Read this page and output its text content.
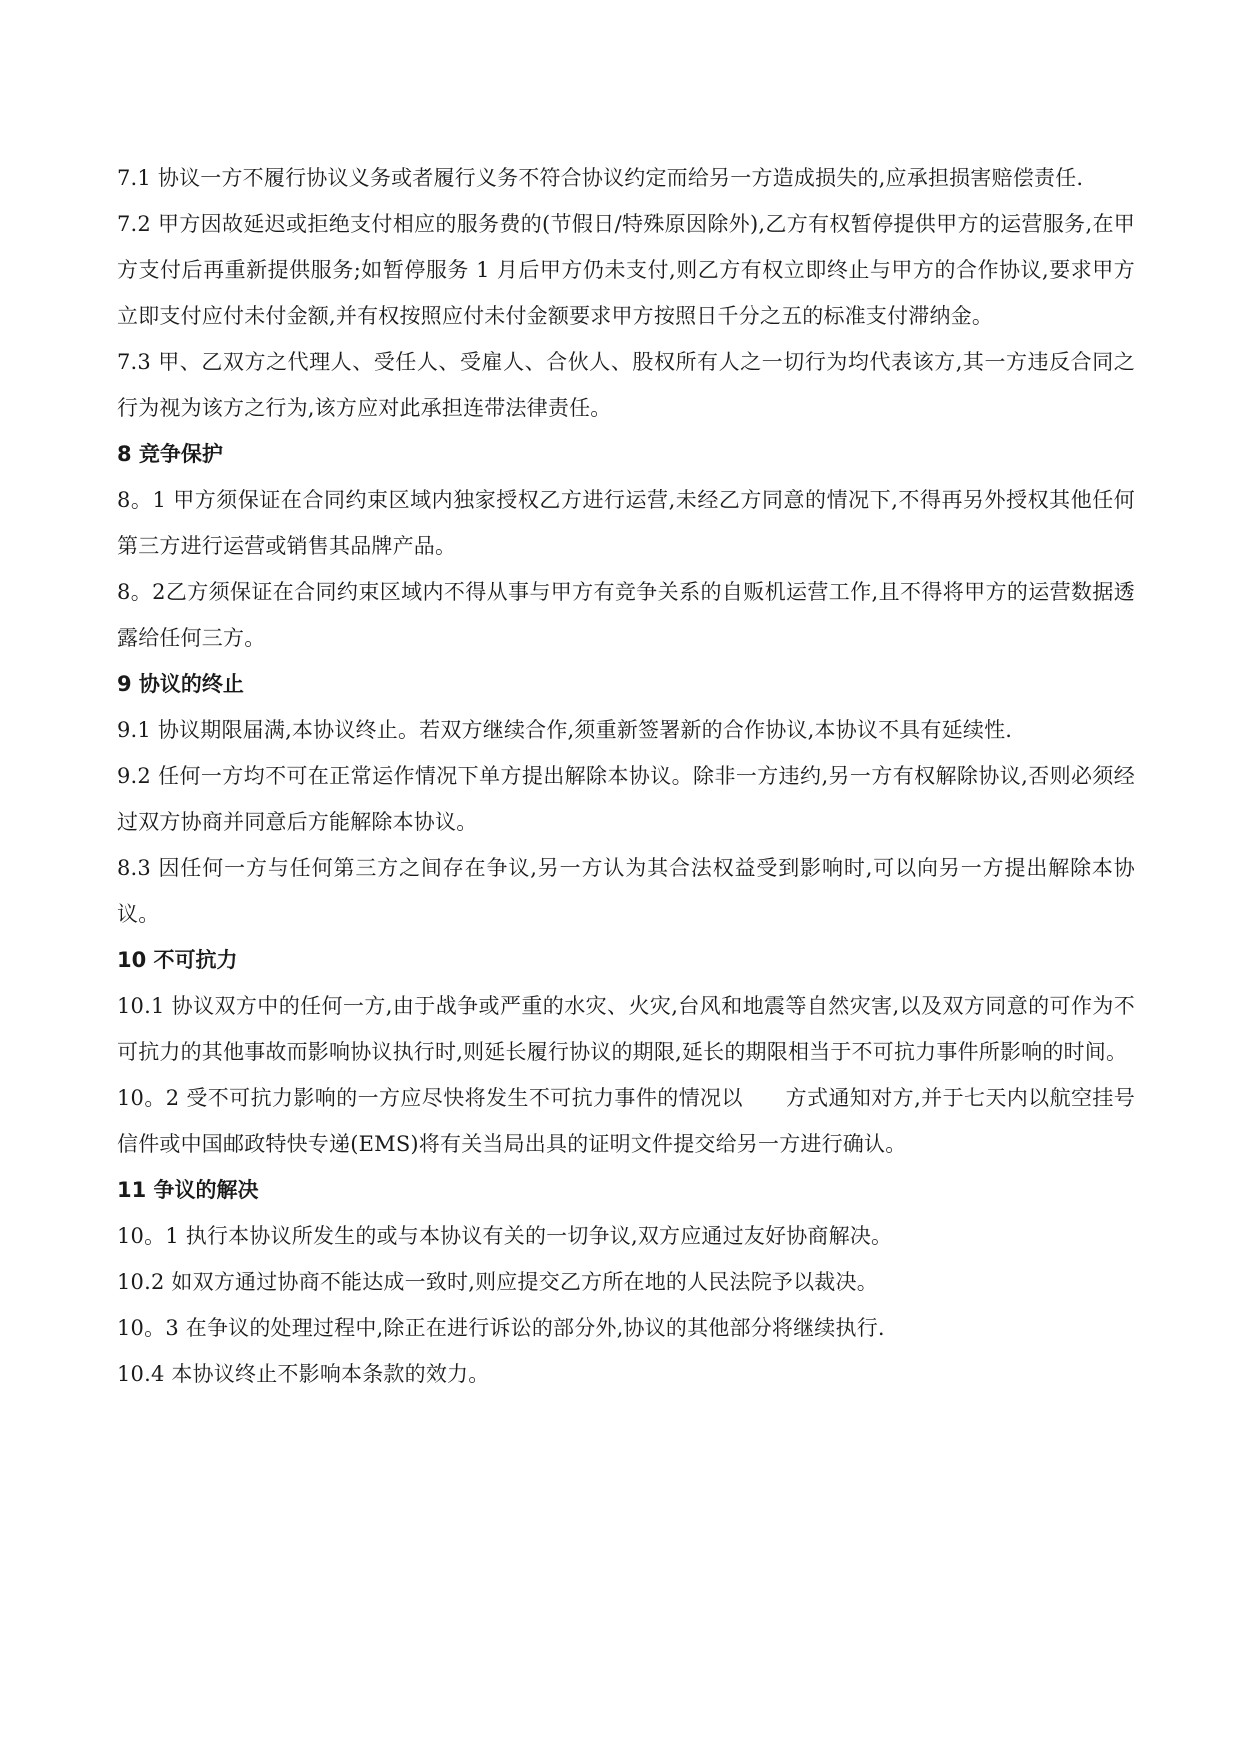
7.1 协议一方不履行协议义务或者履行义务不符合协议约定而给另一方造成损失的,应承担损害赔偿责任.

7.2 甲方因故延迟或拒绝支付相应的服务费的(节假日/特殊原因除外),乙方有权暂停提供甲方的运营服务,在甲方支付后再重新提供服务;如暂停服务 1 月后甲方仍未支付,则乙方有权立即终止与甲方的合作协议,要求甲方立即支付应付未付金额,并有权按照应付未付金额要求甲方按照日千分之五的标准支付滞纳金。

7.3 甲、乙双方之代理人、受任人、受雇人、合伙人、股权所有人之一切行为均代表该方,其一方违反合同之行为视为该方之行为,该方应对此承担连带法律责任。

8 竞争保护

8。1 甲方须保证在合同约束区域内独家授权乙方进行运营,未经乙方同意的情况下,不得再另外授权其他任何第三方进行运营或销售其品牌产品。

8。2乙方须保证在合同约束区域内不得从事与甲方有竞争关系的自贩机运营工作,且不得将甲方的运营数据透露给任何三方。

9 协议的终止

9.1 协议期限届满,本协议终止。若双方继续合作,须重新签署新的合作协议,本协议不具有延续性.

9.2 任何一方均不可在正常运作情况下单方提出解除本协议。除非一方违约,另一方有权解除协议,否则必须经过双方协商并同意后方能解除本协议。

8.3 因任何一方与任何第三方之间存在争议,另一方认为其合法权益受到影响时,可以向另一方提出解除本协议。

10 不可抗力

10.1 协议双方中的任何一方,由于战争或严重的水灾、火灾,台风和地震等自然灾害,以及双方同意的可作为不可抗力的其他事故而影响协议执行时,则延长履行协议的期限,延长的期限相当于不可抗力事件所影响的时间。

10。2 受不可抗力影响的一方应尽快将发生不可抗力事件的情况以　　方式通知对方,并于七天内以航空挂号信件或中国邮政特快专递(EMS)将有关当局出具的证明文件提交给另一方进行确认。

11 争议的解决

10。1 执行本协议所发生的或与本协议有关的一切争议,双方应通过友好协商解决。

10.2 如双方通过协商不能达成一致时,则应提交乙方所在地的人民法院予以裁决。

10。3 在争议的处理过程中,除正在进行诉讼的部分外,协议的其他部分将继续执行.

10.4 本协议终止不影响本条款的效力。
